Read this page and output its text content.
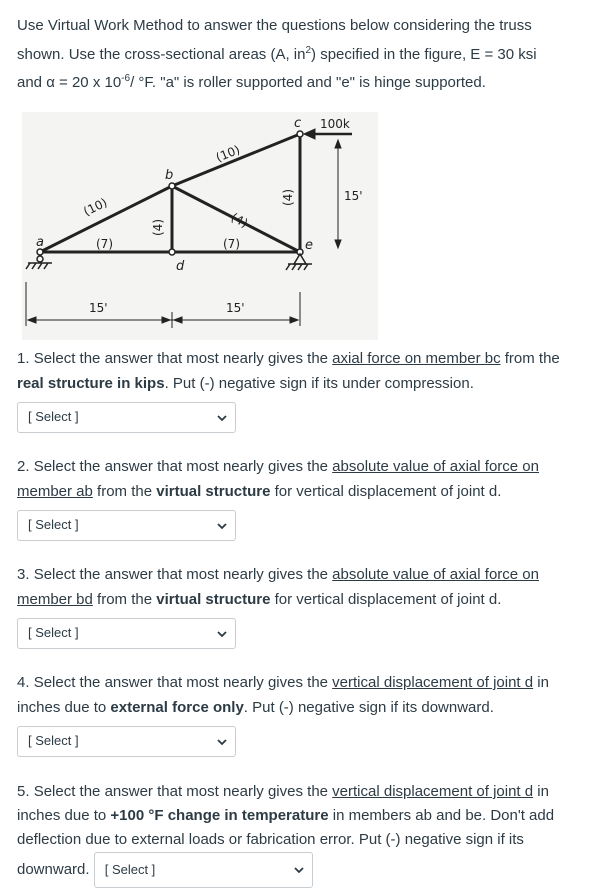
Use Virtual Work Method to answer the questions below considering the truss
shown. Use the cross-sectional areas (A, $in^2$) specified in the figure, E = 30 ksi
and α = 20 x $10^{-6}/$ °F. "a" is roller supported and "e" is hinge supported.
a
b
c
d
e
100k
(10)
(10)
(7)	(7)
(4)	(4)
(4)	15'
15'	15'
1. Select the answer that most nearly gives the axial force on member bc from the real structure in kips. Put (-) negative sign if its under compression.
[ Select ]
2. Select the answer that most nearly gives the absolute value of axial force on member ab from the virtual structure for vertical displacement of joint d.
[ Select ]
3. Select the answer that most nearly gives the absolute value of axial force on member bd from the virtual structure for vertical displacement of joint d.
[ Select ]
4. Select the answer that most nearly gives the vertical displacement of joint d in inches due to external force only. Put (-) negative sign if its downward.
[ Select ]
5. Select the answer that most nearly gives the vertical displacement of joint d in inches due to +100 °F change in temperature in members ab and be. Don't add deflection due to external loads or fabrication error. Put (-) negative sign if its downward. [ Select ]
